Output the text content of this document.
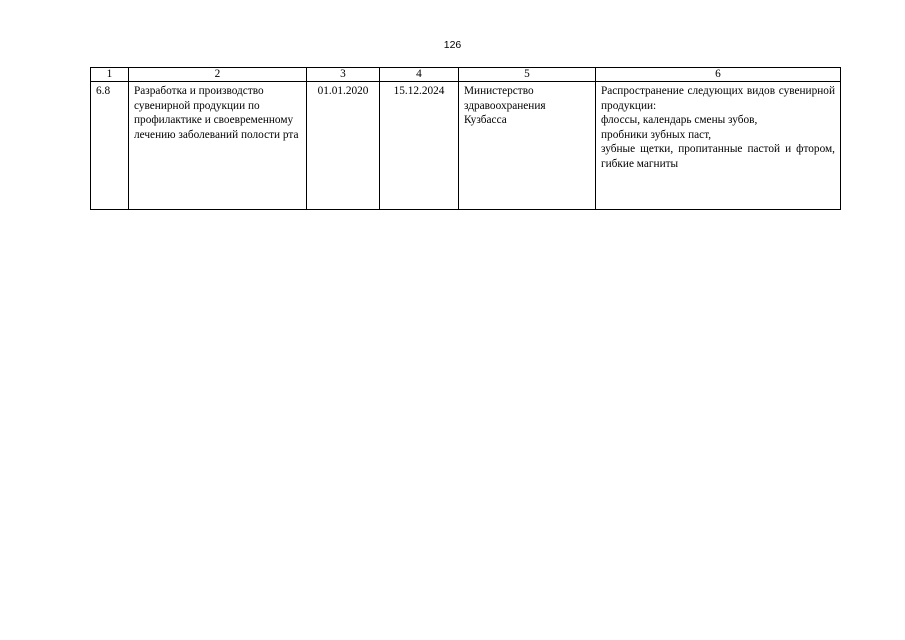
126
1	2	3	4	5	6
6.8	Разработка и производство сувенирной продукции по профилактике и своевременному лечению заболеваний полости рта	01.01.2020	15.12.2024	Министерство здравоохранения Кузбасса	Распространение следующих видов сувенирной продукции:
флоссы, календарь смены зубов,
пробники зубных паст,
зубные щетки, пропитанные пастой и фтором,
гибкие магниты
